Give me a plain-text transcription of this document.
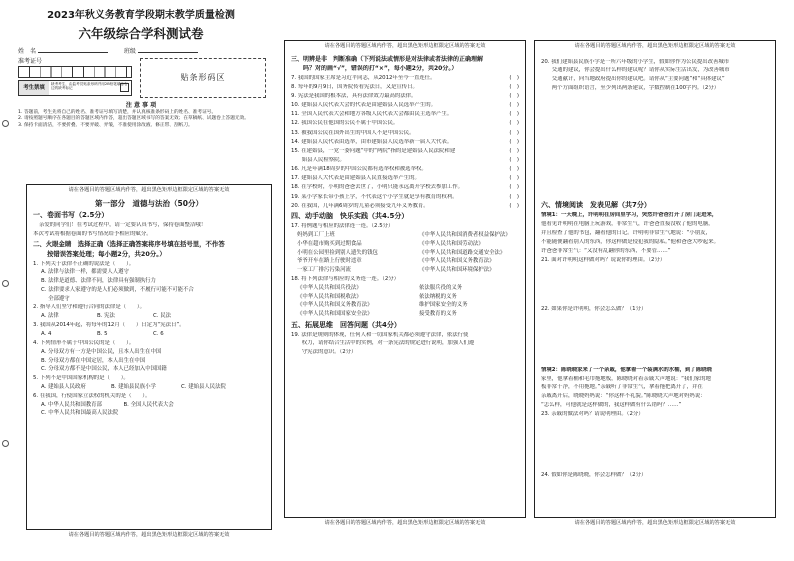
2023年秋义务教育学段期末教学质量检测
六年级综合学科测试卷
姓　名	班级
准考证号
考生禁填
缺考考生，由监考员贴条形码并用2B铅笔填涂右边的缺考标记
贴条形码区
注 意 事 项
1. 答题前，考生先将自己的姓名、准考证号填写清楚，并认真核准条形码上的姓名、准考证号。
2. 请按照题号顺序在各题目的答题区域内作答，超出答题区域书写的答案无效；在草稿纸、试题卷上答题无效。
3. 保持卡面清洁，不要折叠、不要弄破、弄皱，不准使用涂改液、修正带、刮纸刀。
请在各题目的答题区域内作答，超出黑色矩形边框限定区域的答案无效
第一部分　道德与法治（50分）
一、卷面书写（2.5分）
亲爱的同学们！在考试过程中，请一定要认真书写，保持卷面整洁哦！
本次考试将根据卷面的书写情况给予相应的赋分。
二、火眼金睛　选择正确（选择正确答案将序号填在括号里，不作答
按错误答案处理；每小题2分，共20分。）
1. 下列关于法律不正确的说法是（　　）。
A. 法律与法律一样，都需要人人遵守
B. 法律是道德、法律不同，法律具有强制执行力
C. 法律要求人家遵守的是人们必须做到，不履行可能不可能不合
　 全部遵守
2. 指导人们坚守和遵行合同的法律是（　　）。
A. 法律	B. 宪法	C. 民法
3. 我国从2014年起，将每年的12月（　　）日定为“宪法日”。
A. 4	B. 5	C. 6
4. 下列情形不属于中国公民的是（　　）。
A. 分母双方有一方是中国公民，且本人出生在中国
B. 分母双方都在中国定居，本人出生在中国
C. 分母双方都不是中国公民，本人已经加入中国国籍
5. 下列不是中国国家机构的是（　　）。
A. 建始县人民政府	B. 建始县民族小学	C. 建始县人民法院
6. 在我国，行使国家立法权的机关的是（　　）。
A. 中华人民共和国教育部　　　　B. 全国人民代表大会
C. 中华人民共和国最高人民法院
请在各题目的答题区域内作答，超出黑色矩形边框限定区域的答案无效
请在各题目的答题区域内作答，超出黑色矩形边框限定区域的答案无效
三、明辨是非　判断准确（下列说法或情形是对法律或者法律的正确理解
吗？对的画“√”，错误的打“×”，每小题2分，共20分。）
7. 我国的国家主席是习近平同志，从2012年至今一直连任。	(　)
8. 每年的9月9日，国务院传看宪法日，又是宣传日。	(　)
9. 宪法是我国的根本法，具有法律效力最高的法律。	(　)
10. 建始县人民代表大会的代表是由建始县人民选举产生的。	(　)
11. 全国人民代表大会和地方各级人民代表大会都由民主选举产生。	(　)
12. 我国公民在他国的公民不属于中国公民。	(　)
13. 被我国公民在国外出生的中国人不是中国公民。	(　)
14. 建始县人民代表由选举，由市建始县人民选举新一届人大代表。	(　)
15. 在建始县，一党一委问题“中的“两院”指的是建始县人民法院和建	(　)
　　始县人民检察院。	(　)
16. 凡是年满18周岁的中国公民都有选举权和被选举权。	(　)
17. 建始县人大代表是由建始县人民直接选举产生的。	(　)
18. 在学校时，小明的爸爸去世了，小明只能永远离开学校去参加工作。	(　)
19. 某小学家长带小孩上学，不代表这个小学生就是享有教育的权利。	(　)
20. 在我国，几年满6周岁的儿童必须接受九年义务教育。	(　)
四、动手动脑　快乐实践（共4.5分）
17. 将例题与相应的法律连一连。（2.5分）
妈妈到工厂上班	《中华人民共和国消费者权益保护法》
小华在超市购买到过期食品	《中华人民共和国劳动法》
小明在公园里捡到别人遗失的钱包	《中华人民共和国道路交通安全法》
爷爷开车在路上行驶时违章	《中华人民共和国义务教育法》
一家工厂排污污染河流	《中华人民共和国环境保护法》
18. 将下列法律与相应的义务连一连。（2分）
《中华人民共和国兵役法》	依法服兵役的义务
《中华人民共和国税收法》	依法纳税的义务
《中华人民共和国义务教育法》	维护国家安全的义务
《中华人民共和国国家安全法》	接受教育的义务
五、拓展思维　回答问题（共4分）
19. 法律是规则的体现，任何人和一切国家机关都必须遵守法律，依法行使
　　权力，请你结合生活中的实例，对一条宪法的规定进行说明，加强人们遵
　　守宪法的意识。（2分）
请在各题目的答题区域内作答，超出黑色矩形边框限定区域的答案无效
请在各题目的答题区域内作答，超出黑色矩形边框限定区域的答案无效
20. 我们建始县民族小学是一所六年级的小学生，假如你作为公民提出改善城市
　　交通的建议，你会提出什么样的建议呢？请你从实际生活出发，为改善城市
　　交通献计，向当地政府提出你的建议吧。请你从“主要问题”和“具体建议”
　　两个方面组织语言，至少列出两条建议，字数控制在100字内。（2分）
六、情境阅读　发表见解（共7分）
情境1：一天晚上，许明明在房间里学习，突然许爸爸打开了房门走进来，
他看见许明明在电脑上玩游戏，非常生气，许爸爸直接没收了他的电脑，
并且检查了他的书包，翻看他的日记。许明明非常生气地说：“小朋友，
不能随便翻看别人的东西，你这样做是侵犯我的隐私。”他和爸爸大吵起来。
许爸爸非常生气：“又没有乱翻你的东西，不要管……”
21. 面对许明明这样做对吗？说说你的理由。（2分）
22. 如果你是许明明，你会怎么做？（1分）
情境2：陈晓晓家来了一个亲戚，他拿着一个装满水的水桶，到了陈晓晓
家里，他拿着桶和毛巾拖地板，陈晓晓对着亲戚大声地说：“我们家的地
板非常干净，不用拖地。”亲戚听了非常生气，拿着拖把离开了，并在
亲戚离开后，晓晓妈妈说：“你这样不礼貌。”陈晓晓大声地对妈妈说：
“怎么样，可他就是这样做的，我这样做有什么错吗？……”
23. 亲戚的做法对吗？请说明理由。（2分）
24. 假如你是陈晓晓，你会怎样做？（2分）
请在各题目的答题区域内作答，超出黑色矩形边框限定区域的答案无效
